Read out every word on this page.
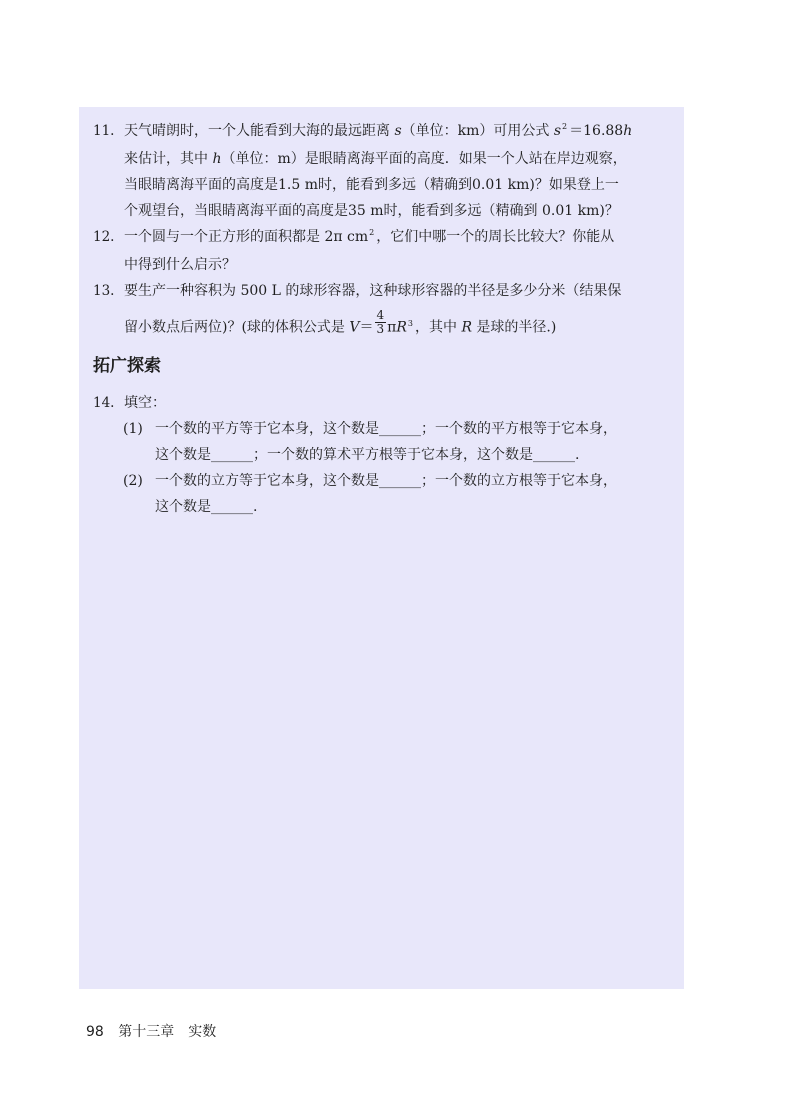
11. 天气晴朗时，一个人能看到大海的最远距离 s（单位：km）可用公式 $s^2 =16.88h$
来估计，其中 h（单位：m）是眼睛离海平面的高度．如果一个人站在岸边观察，
当眼睛离海平面的高度是1.5 m时，能看到多远（精确到0.01 km)？如果登上一
个观望台，当眼睛离海平面的高度是35 m时，能看到多远（精确到 0.01 km)？
12. 一个圆与一个正方形的面积都是 2π $cm^2$ ，它们中哪一个的周长比较大？你能从
中得到什么启示？
13. 要生产一种容积为 500 L 的球形容器，这种球形容器的半径是多少分米（结果保
留小数点后两位)？(球的体积公式是 $V= \frac{4}{3} \pi R^3$ ，其中 R 是球的半径.)
拓广探索
14. 填空：
(1) 一个数的平方等于它本身，这个数是______；一个数的平方根等于它本身，
这个数是______；一个数的算术平方根等于它本身，这个数是______.
(2) 一个数的立方等于它本身，这个数是______；一个数的立方根等于它本身，
这个数是______.
98 第十三章　实数
